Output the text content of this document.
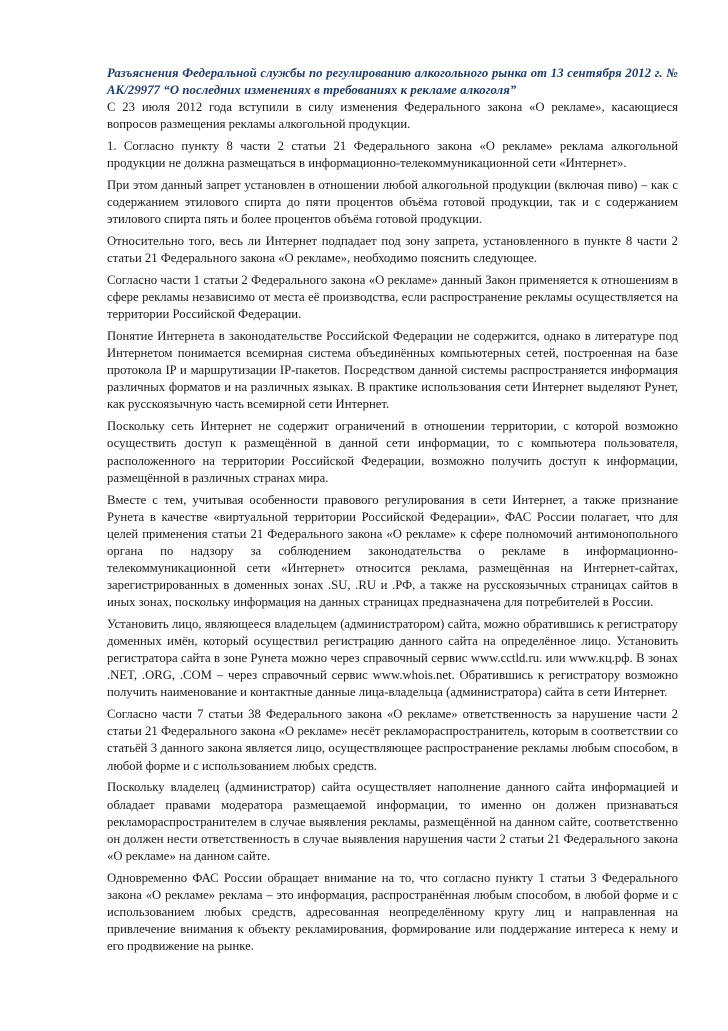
Разъяснения Федеральной службы по регулированию алкогольного рынка от 13 сентября 2012 г. № АК/29977 “О последних изменениях в требованиях к рекламе алкоголя”

С 23 июля 2012 года вступили в силу изменения Федерального закона «О рекламе», касающиеся вопросов размещения рекламы алкогольной продукции.

1. Согласно пункту 8 части 2 статьи 21 Федерального закона «О рекламе» реклама алкогольной продукции не должна размещаться в информационно-телекоммуникационной сети «Интернет».

При этом данный запрет установлен в отношении любой алкогольной продукции (включая пиво) – как с содержанием этилового спирта до пяти процентов объёма готовой продукции, так и с содержанием этилового спирта пять и более процентов объёма готовой продукции.

Относительно того, весь ли Интернет подпадает под зону запрета, установленного в пункте 8 части 2 статьи 21 Федерального закона «О рекламе», необходимо пояснить следующее.

Согласно части 1 статьи 2 Федерального закона «О рекламе» данный Закон применяется к отношениям в сфере рекламы независимо от места её производства, если распространение рекламы осуществляется на территории Российской Федерации.

Понятие Интернета в законодательстве Российской Федерации не содержится, однако в литературе под Интернетом понимается всемирная система объединённых компьютерных сетей, построенная на базе протокола IP и маршрутизации IP-пакетов. Посредством данной системы распространяется информация различных форматов и на различных языках. В практике использования сети Интернет выделяют Рунет, как русскоязычную часть всемирной сети Интернет.

Поскольку сеть Интернет не содержит ограничений в отношении территории, с которой возможно осуществить доступ к размещённой в данной сети информации, то с компьютера пользователя, расположенного на территории Российской Федерации, возможно получить доступ к информации, размещённой в различных странах мира.

Вместе с тем, учитывая особенности правового регулирования в сети Интернет, а также признание Рунета в качестве «виртуальной территории Российской Федерации», ФАС России полагает, что для целей применения статьи 21 Федерального закона «О рекламе» к сфере полномочий антимонопольного органа по надзору за соблюдением законодательства о рекламе в информационно-телекоммуникационной сети «Интернет» относится реклама, размещённая на Интернет-сайтах, зарегистрированных в доменных зонах .SU, .RU и .РФ, а также на русскоязычных страницах сайтов в иных зонах, поскольку информация на данных страницах предназначена для потребителей в России.

Установить лицо, являющееся владельцем (администратором) сайта, можно обратившись к регистратору доменных имён, который осуществил регистрацию данного сайта на определённое лицо. Установить регистратора сайта в зоне Рунета можно через справочный сервис www.cctld.ru. или www.кц.рф. В зонах .NET, .ORG, .COM – через справочный сервис www.whois.net. Обратившись к регистратору возможно получить наименование и контактные данные лица-владельца (администратора) сайта в сети Интернет.

Согласно части 7 статьи 38 Федерального закона «О рекламе» ответственность за нарушение части 2 статьи 21 Федерального закона «О рекламе» несёт рекламораспространитель, которым в соответствии со статьёй 3 данного закона является лицо, осуществляющее распространение рекламы любым способом, в любой форме и с использованием любых средств.

Поскольку владелец (администратор) сайта осуществляет наполнение данного сайта информацией и обладает правами модератора размещаемой информации, то именно он должен признаваться рекламораспространителем в случае выявления рекламы, размещённой на данном сайте, соответственно он должен нести ответственность в случае выявления нарушения части 2 статьи 21 Федерального закона «О рекламе» на данном сайте.

Одновременно ФАС России обращает внимание на то, что согласно пункту 1 статьи 3 Федерального закона «О рекламе» реклама – это информация, распространённая любым способом, в любой форме и с использованием любых средств, адресованная неопределённому кругу лиц и направленная на привлечение внимания к объекту рекламирования, формирование или поддержание интереса к нему и его продвижение на рынке.
